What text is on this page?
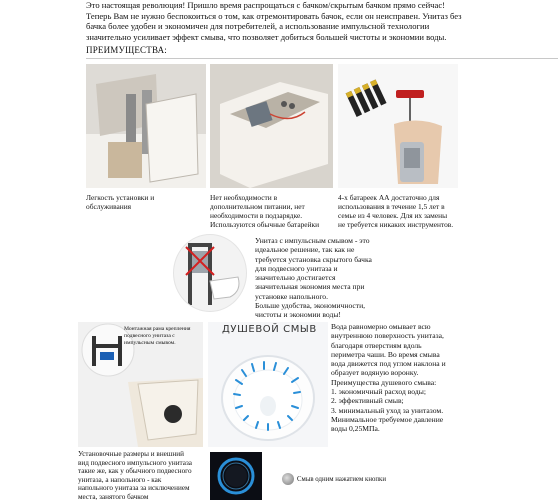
Это настоящая революция! Пришло время распрощаться с бачком/скрытым бачком прямо сейчас!
Теперь Вам не нужно беспокоиться о том, как отремонтировать бачок, если он неисправен. Унитаз без
бачка более удобен и экономичен для потребителей, а использование импульсной технологии
значительно усиливает эффект смыва, что позволяет добиться большей чистоты и экономии воды.
ПРЕИМУЩЕСТВА:
Легкость установки и
обслуживания
Нет необходимости в
дополнительном питании, нет
необходимости в подзарядке.
Используются обычные батарейки
4-х батареек АА достаточно для
использования в течение 1,5 лет в
семье из 4 человек. Для их замены
не требуется никаких инструментов.
Унитаз с импульсным смывом - это
идеальное решение, так как не
требуется установка скрытого бачка
для подвесного унитаза и
значительно достигается
значительная экономия места при
установке напольного.
Больше удобства, экономичности,
чистоты и экономии воды!
Монтажная рама крепления
подвесного унитаза с
импульсным смывом.
Установочные размеры и внешний
вид подвесного импульсного унитаза
такие же, как у обычного подвесного
унитаза, а напольного - как
напольного унитаза за исключением
места, занятого бачком
ДУШЕВОЙ СМЫВ Вода равномерно омывает всю
внутреннюю поверхность унитаза,
благодаря отверстиям вдоль
периметра чаши. Во время смыва
вода движется под углом наклона и
образует водяную воронку.
Преимущества душевого смыва:
1. экономичный расход воды;
2. эффективный смыв;
3. минимальный уход за унитазом.
Минимальное требуемое давление
воды 0,25МПа.
Смыв одним нажатием кнопки
